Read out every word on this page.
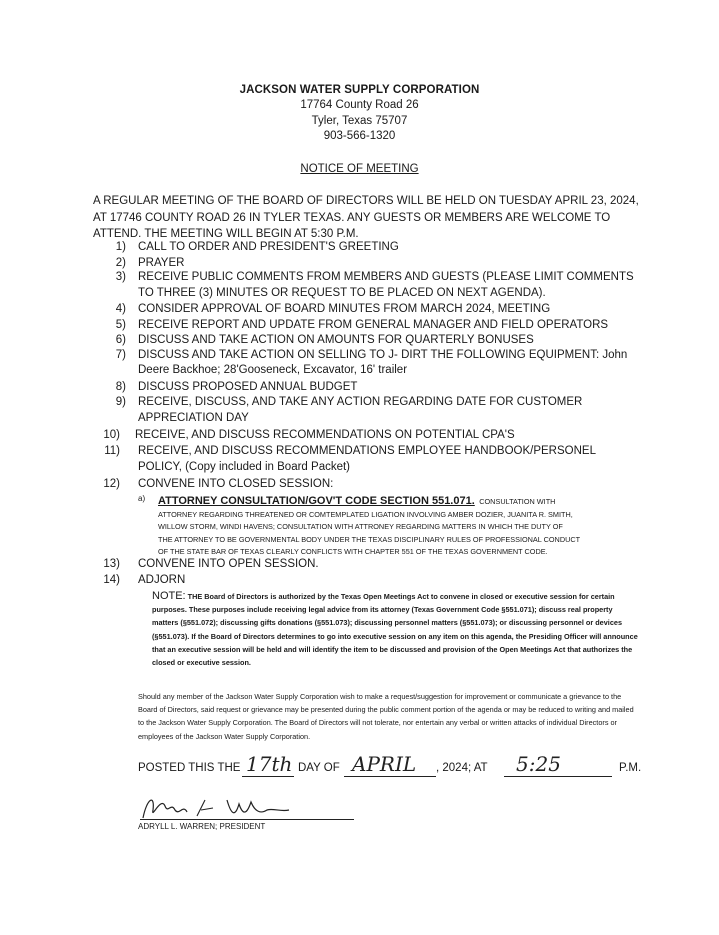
JACKSON WATER SUPPLY CORPORATION
17764 County Road 26
Tyler, Texas 75707
903-566-1320
NOTICE OF MEETING
A REGULAR MEETING OF THE BOARD OF DIRECTORS WILL BE HELD ON TUESDAY APRIL 23, 2024, AT 17746 COUNTY ROAD 26 IN TYLER TEXAS. ANY GUESTS OR MEMBERS ARE WELCOME TO ATTEND. THE MEETING WILL BEGIN AT 5:30 P.M.
1) CALL TO ORDER AND PRESIDENT'S GREETING
2) PRAYER
3) RECEIVE PUBLIC COMMENTS FROM MEMBERS AND GUESTS (PLEASE LIMIT COMMENTS
TO THREE (3) MINUTES OR REQUEST TO BE PLACED ON NEXT AGENDA).
4) CONSIDER APPROVAL OF BOARD MINUTES FROM MARCH 2024, MEETING
5) RECEIVE REPORT AND UPDATE FROM GENERAL MANAGER AND FIELD OPERATORS
6) DISCUSS AND TAKE ACTION ON AMOUNTS FOR QUARTERLY BONUSES
7) DISCUSS AND TAKE ACTION ON SELLING TO J- DIRT THE FOLLOWING EQUIPMENT: John
Deere Backhoe; 28'Gooseneck, Excavator, 16' trailer
8) DISCUSS PROPOSED ANNUAL BUDGET
9) RECEIVE, DISCUSS, AND TAKE ANY ACTION REGARDING DATE FOR CUSTOMER
APPRECIATION DAY
10) RECEIVE, AND DISCUSS RECOMMENDATIONS ON POTENTIAL CPA'S
11) RECEIVE, AND DISCUSS RECOMMENDATIONS EMPLOYEE HANDBOOK/PERSONEL
POLICY, (Copy included in Board Packet)
12) CONVENE INTO CLOSED SESSION:
13) CONVENE INTO OPEN SESSION.
14) ADJORN
a) ATTORNEY CONSULTATION/GOV'T CODE SECTION 551.071. CONSULTATION WITH
ATTORNEY REGARDING THREATENED OR COMTEMPLATED LIGATION INVOLVING AMBER DOZIER, JUANITA R. SMITH,
WILLOW STORM, WINDI HAVENS; CONSULTATION WITH ATTRONEY REGARDING MATTERS IN WHICH THE DUTY OF
THE ATTORNEY TO BE GOVERNMENTAL BODY UNDER THE TEXAS DISCIPLINARY RULES OF PROFESSIONAL CONDUCT
OF THE STATE BAR OF TEXAS CLEARLY CONFLICTS WITH CHAPTER 551 OF THE TEXAS GOVERNMENT CODE.
NOTE: THE Board of Directors is authorized by the Texas Open Meetings Act to convene in closed or executive session for certain purposes. These purposes include receiving legal advice from its attorney (Texas Government Code §551.071); discuss real property matters (§551.072); discussing gifts donations (§551.073); discussing personnel matters (§551.073); or discussing personnel or devices (§551.073). If the Board of Directors determines to go into executive session on any item on this agenda, the Presiding Officer will announce that an executive session will be held and will identify the item to be discussed and provision of the Open Meetings Act that authorizes the closed or executive session.
Should any member of the Jackson Water Supply Corporation wish to make a request/suggestion for improvement or communicate a grievance to the Board of Directors, said request or grievance may be presented during the public comment portion of the agenda or may be reduced to writing and mailed to the Jackson Water Supply Corporation. The Board of Directors will not tolerate, nor entertain any verbal or written attacks of individual Directors or employees of the Jackson Water Supply Corporation.
POSTED THIS THE 17th DAY OF APRIL , 2024; AT 5:25	P.M.
ADRYLL L. WARREN; PRESIDENT
